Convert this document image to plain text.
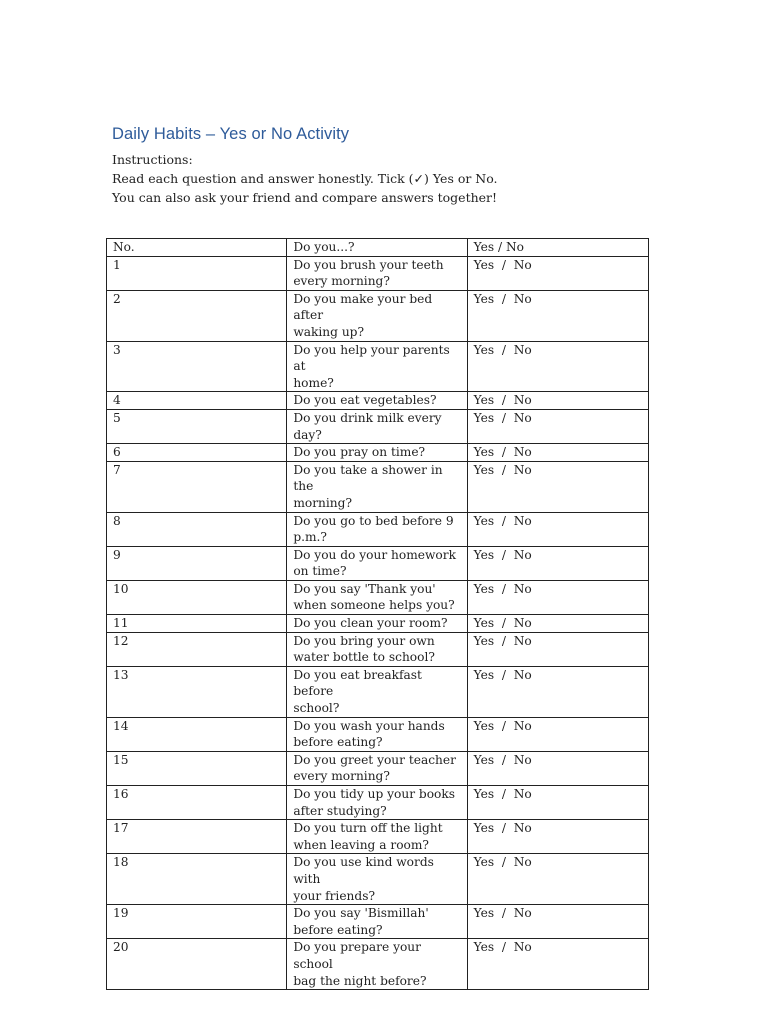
Daily Habits – Yes or No Activity

Instructions:

Read each question and answer honestly. Tick (✓) Yes or No.

You can also ask your friend and compare answers together!

No.	Do you...?	Yes / No
1	Do you brush your teeth
every morning?	Yes  /  No
2	Do you make your bed after
waking up?	Yes  /  No
3	Do you help your parents at
home?	Yes  /  No
4	Do you eat vegetables?	Yes  /  No
5	Do you drink milk every
day?	Yes  /  No
6	Do you pray on time?	Yes  /  No
7	Do you take a shower in the
morning?	Yes  /  No
8	Do you go to bed before 9
p.m.?	Yes  /  No
9	Do you do your homework
on time?	Yes  /  No
10	Do you say 'Thank you'
when someone helps you?	Yes  /  No
11	Do you clean your room?	Yes  /  No
12	Do you bring your own
water bottle to school?	Yes  /  No
13	Do you eat breakfast before
school?	Yes  /  No
14	Do you wash your hands
before eating?	Yes  /  No
15	Do you greet your teacher
every morning?	Yes  /  No
16	Do you tidy up your books
after studying?	Yes  /  No
17	Do you turn off the light
when leaving a room?	Yes  /  No
18	Do you use kind words with
your friends?	Yes  /  No
19	Do you say 'Bismillah'
before eating?	Yes  /  No
20	Do you prepare your school
bag the night before?	Yes  /  No
